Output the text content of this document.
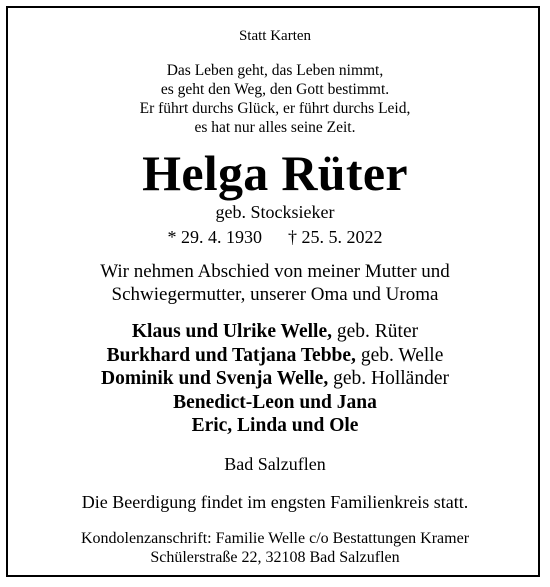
Statt Karten
Das Leben geht, das Leben nimmt,
es geht den Weg, den Gott bestimmt.
Er führt durchs Glück, er führt durchs Leid,
es hat nur alles seine Zeit.
Helga Rüter
geb. Stocksieker
* 29. 4. 1930 † 25. 5. 2022
Wir nehmen Abschied von meiner Mutter und
Schwiegermutter, unserer Oma und Uroma
Klaus und Ulrike Welle, geb. Rüter
Burkhard und Tatjana Tebbe, geb. Welle
Dominik und Svenja Welle, geb. Holländer
Benedict-Leon und Jana
Eric, Linda und Ole
Bad Salzuflen
Die Beerdigung findet im engsten Familienkreis statt.
Kondolenzanschrift: Familie Welle c/o Bestattungen Kramer
Schülerstraße 22, 32108 Bad Salzuflen
